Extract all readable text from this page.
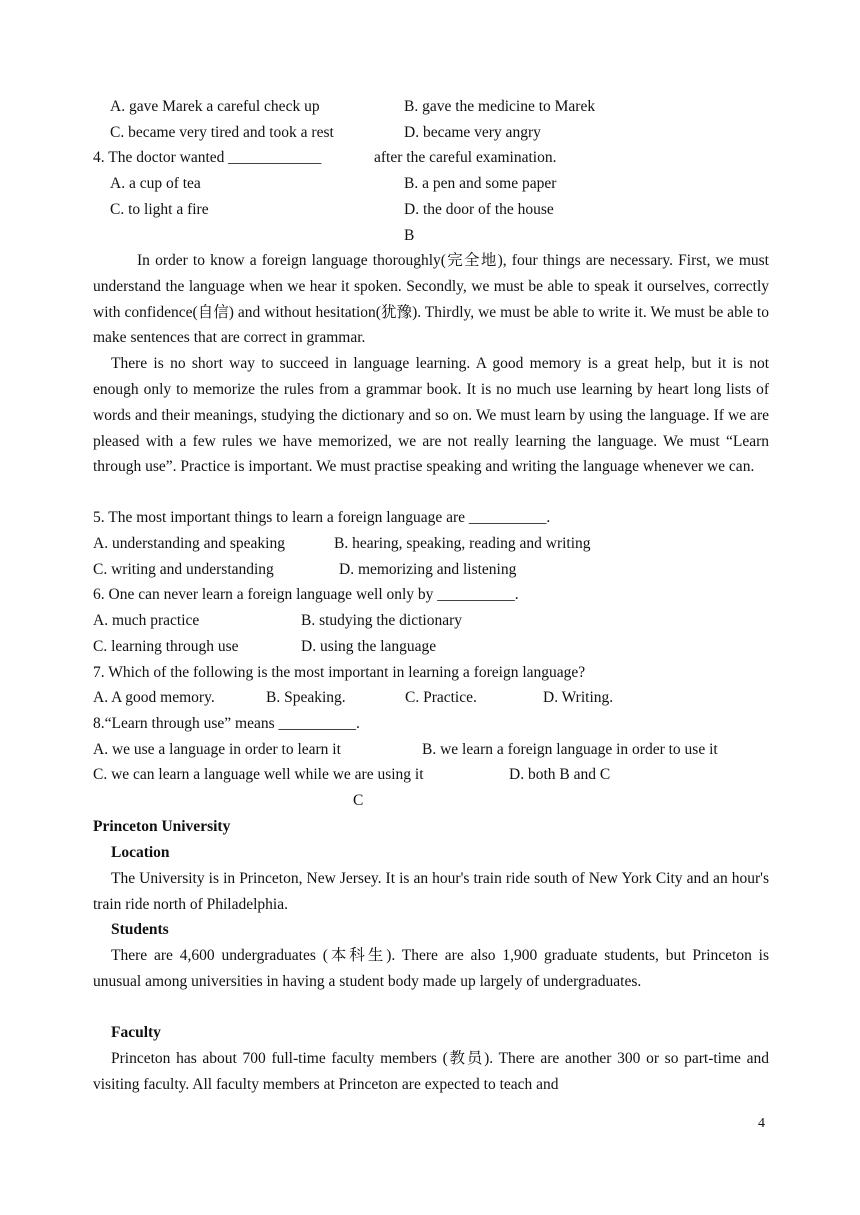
A. gave Marek a careful check up	B. gave the medicine to Marek
C. became very tired and took a rest	D. became very angry
4. The doctor wanted ____________	after the careful examination.
A. a cup of tea	B. a pen and some paper
C. to light a fire	D. the door of the house
B

In order to know a foreign language thoroughly(完全地), four things are necessary. First, we must understand the language when we hear it spoken. Secondly, we must be able to speak it ourselves, correctly with confidence(自信) and without hesitation(犹豫). Thirdly, we must be able to write it. We must be able to make sentences that are correct in grammar.

There is no short way to succeed in language learning. A good memory is a great help, but it is not enough only to memorize the rules from a grammar book. It is no much use learning by heart long lists of words and their meanings, studying the dictionary and so on. We must learn by using the language. If we are pleased with a few rules we have memorized, we are not really learning the language. We must “Learn through use”. Practice is important. We must practise speaking and writing the language whenever we can.

5. The most important things to learn a foreign language are __________.
A. understanding and speaking	B. hearing, speaking, reading and writing
C. writing and understanding	D. memorizing and listening
6. One can never learn a foreign language well only by __________.
A. much practice	B. studying the dictionary
C. learning through use	D. using the language
7. Which of the following is the most important in learning a foreign language?
A. A good memory.	B. Speaking.	C. Practice.	D. Writing.
8.“Learn through use” means __________.
A. we use a language in order to learn it	B. we learn a foreign language in order to use it
C. we can learn a language well while we are using it	D. both B and C
C
Princeton University
Location

The University is in Princeton, New Jersey. It is an hour's train ride south of New York City and an hour's train ride north of Philadelphia.

Students

There are 4,600 undergraduates (本科生). There are also 1,900 graduate students, but Princeton is unusual among universities in having a student body made up largely of undergraduates.

Faculty

Princeton has about 700 full-time faculty members (教员). There are another 300 or so part-time and visiting faculty. All faculty members at Princeton are expected to teach and

4
